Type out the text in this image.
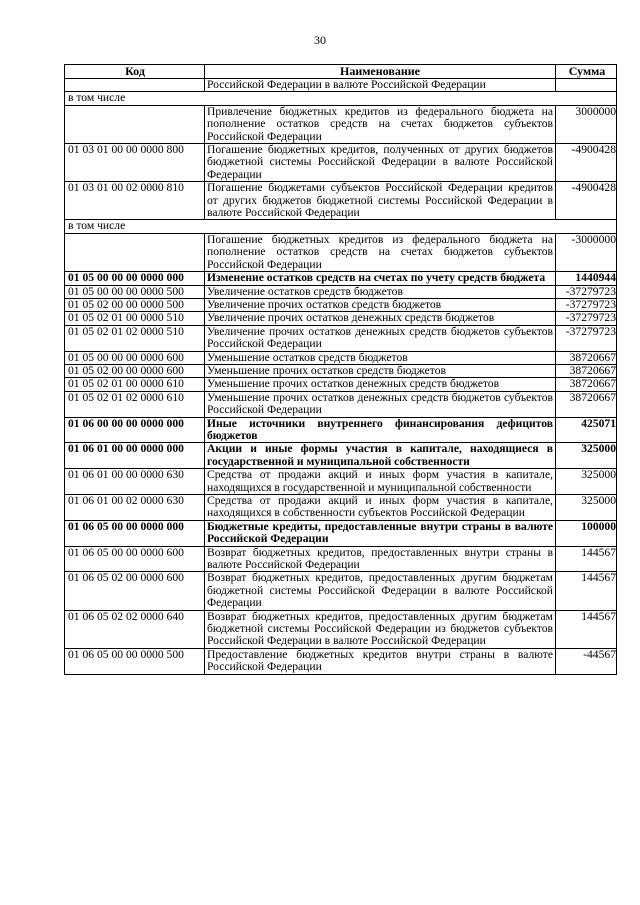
30
Код	Наименование	Сумма
	Российской Федерации в валюте Российской Федерации	
в том числе		
	Привлечение бюджетных кредитов из федерального бюджета на пополнение остатков средств на счетах бюджетов субъектов Российской Федерации	3000000
01 03 01 00 00 0000 800	Погашение бюджетных кредитов, полученных от других бюджетов бюджетной системы Российской Федерации в валюте Российской Федерации	-4900428
01 03 01 00 02 0000 810	Погашение бюджетами субъектов Российской Федерации кредитов от других бюджетов бюджетной системы Российской Федерации в валюте Российской Федерации	-4900428
в том числе		
	Погашение бюджетных кредитов из федерального бюджета на пополнение остатков средств на счетах бюджетов субъектов Российской Федерации	-3000000
01 05 00 00 00 0000 000	Изменение остатков средств на счетах по учету средств бюджета	1440944
01 05 00 00 00 0000 500	Увеличение остатков средств бюджетов	-37279723
01 05 02 00 00 0000 500	Увеличение прочих остатков средств бюджетов	-37279723
01 05 02 01 00 0000 510	Увеличение прочих остатков денежных средств бюджетов	-37279723
01 05 02 01 02 0000 510	Увеличение прочих остатков денежных средств бюджетов субъектов Российской Федерации	-37279723
01 05 00 00 00 0000 600	Уменьшение остатков средств бюджетов	38720667
01 05 02 00 00 0000 600	Уменьшение прочих остатков средств бюджетов	38720667
01 05 02 01 00 0000 610	Уменьшение прочих остатков денежных средств бюджетов	38720667
01 05 02 01 02 0000 610	Уменьшение прочих остатков денежных средств бюджетов субъектов Российской Федерации	38720667
01 06 00 00 00 0000 000	Иные источники внутреннего финансирования дефицитов бюджетов	425071
01 06 01 00 00 0000 000	Акции и иные формы участия в капитале, находящиеся в государственной и муниципальной собственности	325000
01 06 01 00 00 0000 630	Средства от продажи акций и иных форм участия в капитале, находящихся в государственной и муниципальной собственности	325000
01 06 01 00 02 0000 630	Средства от продажи акций и иных форм участия в капитале, находящихся в собственности субъектов Российской Федерации	325000
01 06 05 00 00 0000 000	Бюджетные кредиты, предоставленные внутри страны в валюте Российской Федерации	100000
01 06 05 00 00 0000 600	Возврат бюджетных кредитов, предоставленных внутри страны в валюте Российской Федерации	144567
01 06 05 02 00 0000 600	Возврат бюджетных кредитов, предоставленных другим бюджетам бюджетной системы Российской Федерации в валюте Российской Федерации	144567
01 06 05 02 02 0000 640	Возврат бюджетных кредитов, предоставленных другим бюджетам бюджетной системы Российской Федерации из бюджетов субъектов Российской Федерации в валюте Российской Федерации	144567
01 06 05 00 00 0000 500	Предоставление бюджетных кредитов внутри страны в валюте Российской Федерации	-44567
